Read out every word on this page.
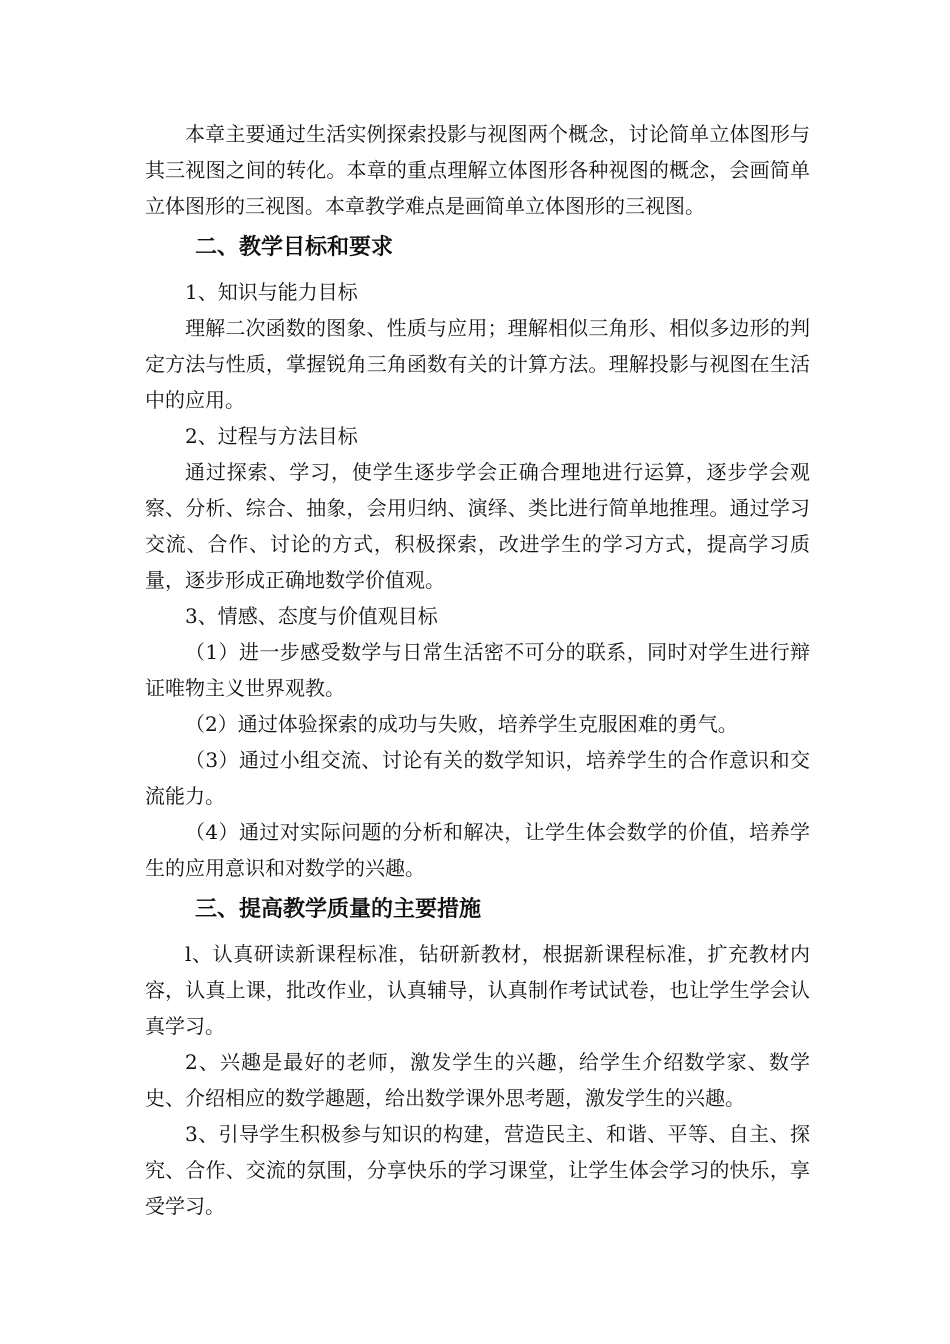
本章主要通过生活实例探索投影与视图两个概念，讨论简单立体图形与其三视图之间的转化。本章的重点理解立体图形各种视图的概念，会画简单立体图形的三视图。本章教学难点是画简单立体图形的三视图。

二、教学目标和要求

1、知识与能力目标

理解二次函数的图象、性质与应用；理解相似三角形、相似多边形的判定方法与性质，掌握锐角三角函数有关的计算方法。理解投影与视图在生活中的应用。

2、过程与方法目标

通过探索、学习，使学生逐步学会正确合理地进行运算，逐步学会观察、分析、综合、抽象，会用归纳、演绎、类比进行简单地推理。通过学习交流、合作、讨论的方式，积极探索，改进学生的学习方式，提高学习质量，逐步形成正确地数学价值观。

3、情感、态度与价值观目标

（1）进一步感受数学与日常生活密不可分的联系，同时对学生进行辩证唯物主义世界观教。

（2）通过体验探索的成功与失败，培养学生克服困难的勇气。

（3）通过小组交流、讨论有关的数学知识，培养学生的合作意识和交流能力。

（4）通过对实际问题的分析和解决，让学生体会数学的价值，培养学生的应用意识和对数学的兴趣。

三、提高教学质量的主要措施

l、认真研读新课程标准，钻研新教材，根据新课程标准，扩充教材内容，认真上课，批改作业，认真辅导，认真制作考试试卷，也让学生学会认真学习。

2、兴趣是最好的老师，激发学生的兴趣，给学生介绍数学家、数学史、介绍相应的数学趣题，给出数学课外思考题，激发学生的兴趣。

3、引导学生积极参与知识的构建，营造民主、和谐、平等、自主、探究、合作、交流的氛围，分享快乐的学习课堂，让学生体会学习的快乐，享受学习。
